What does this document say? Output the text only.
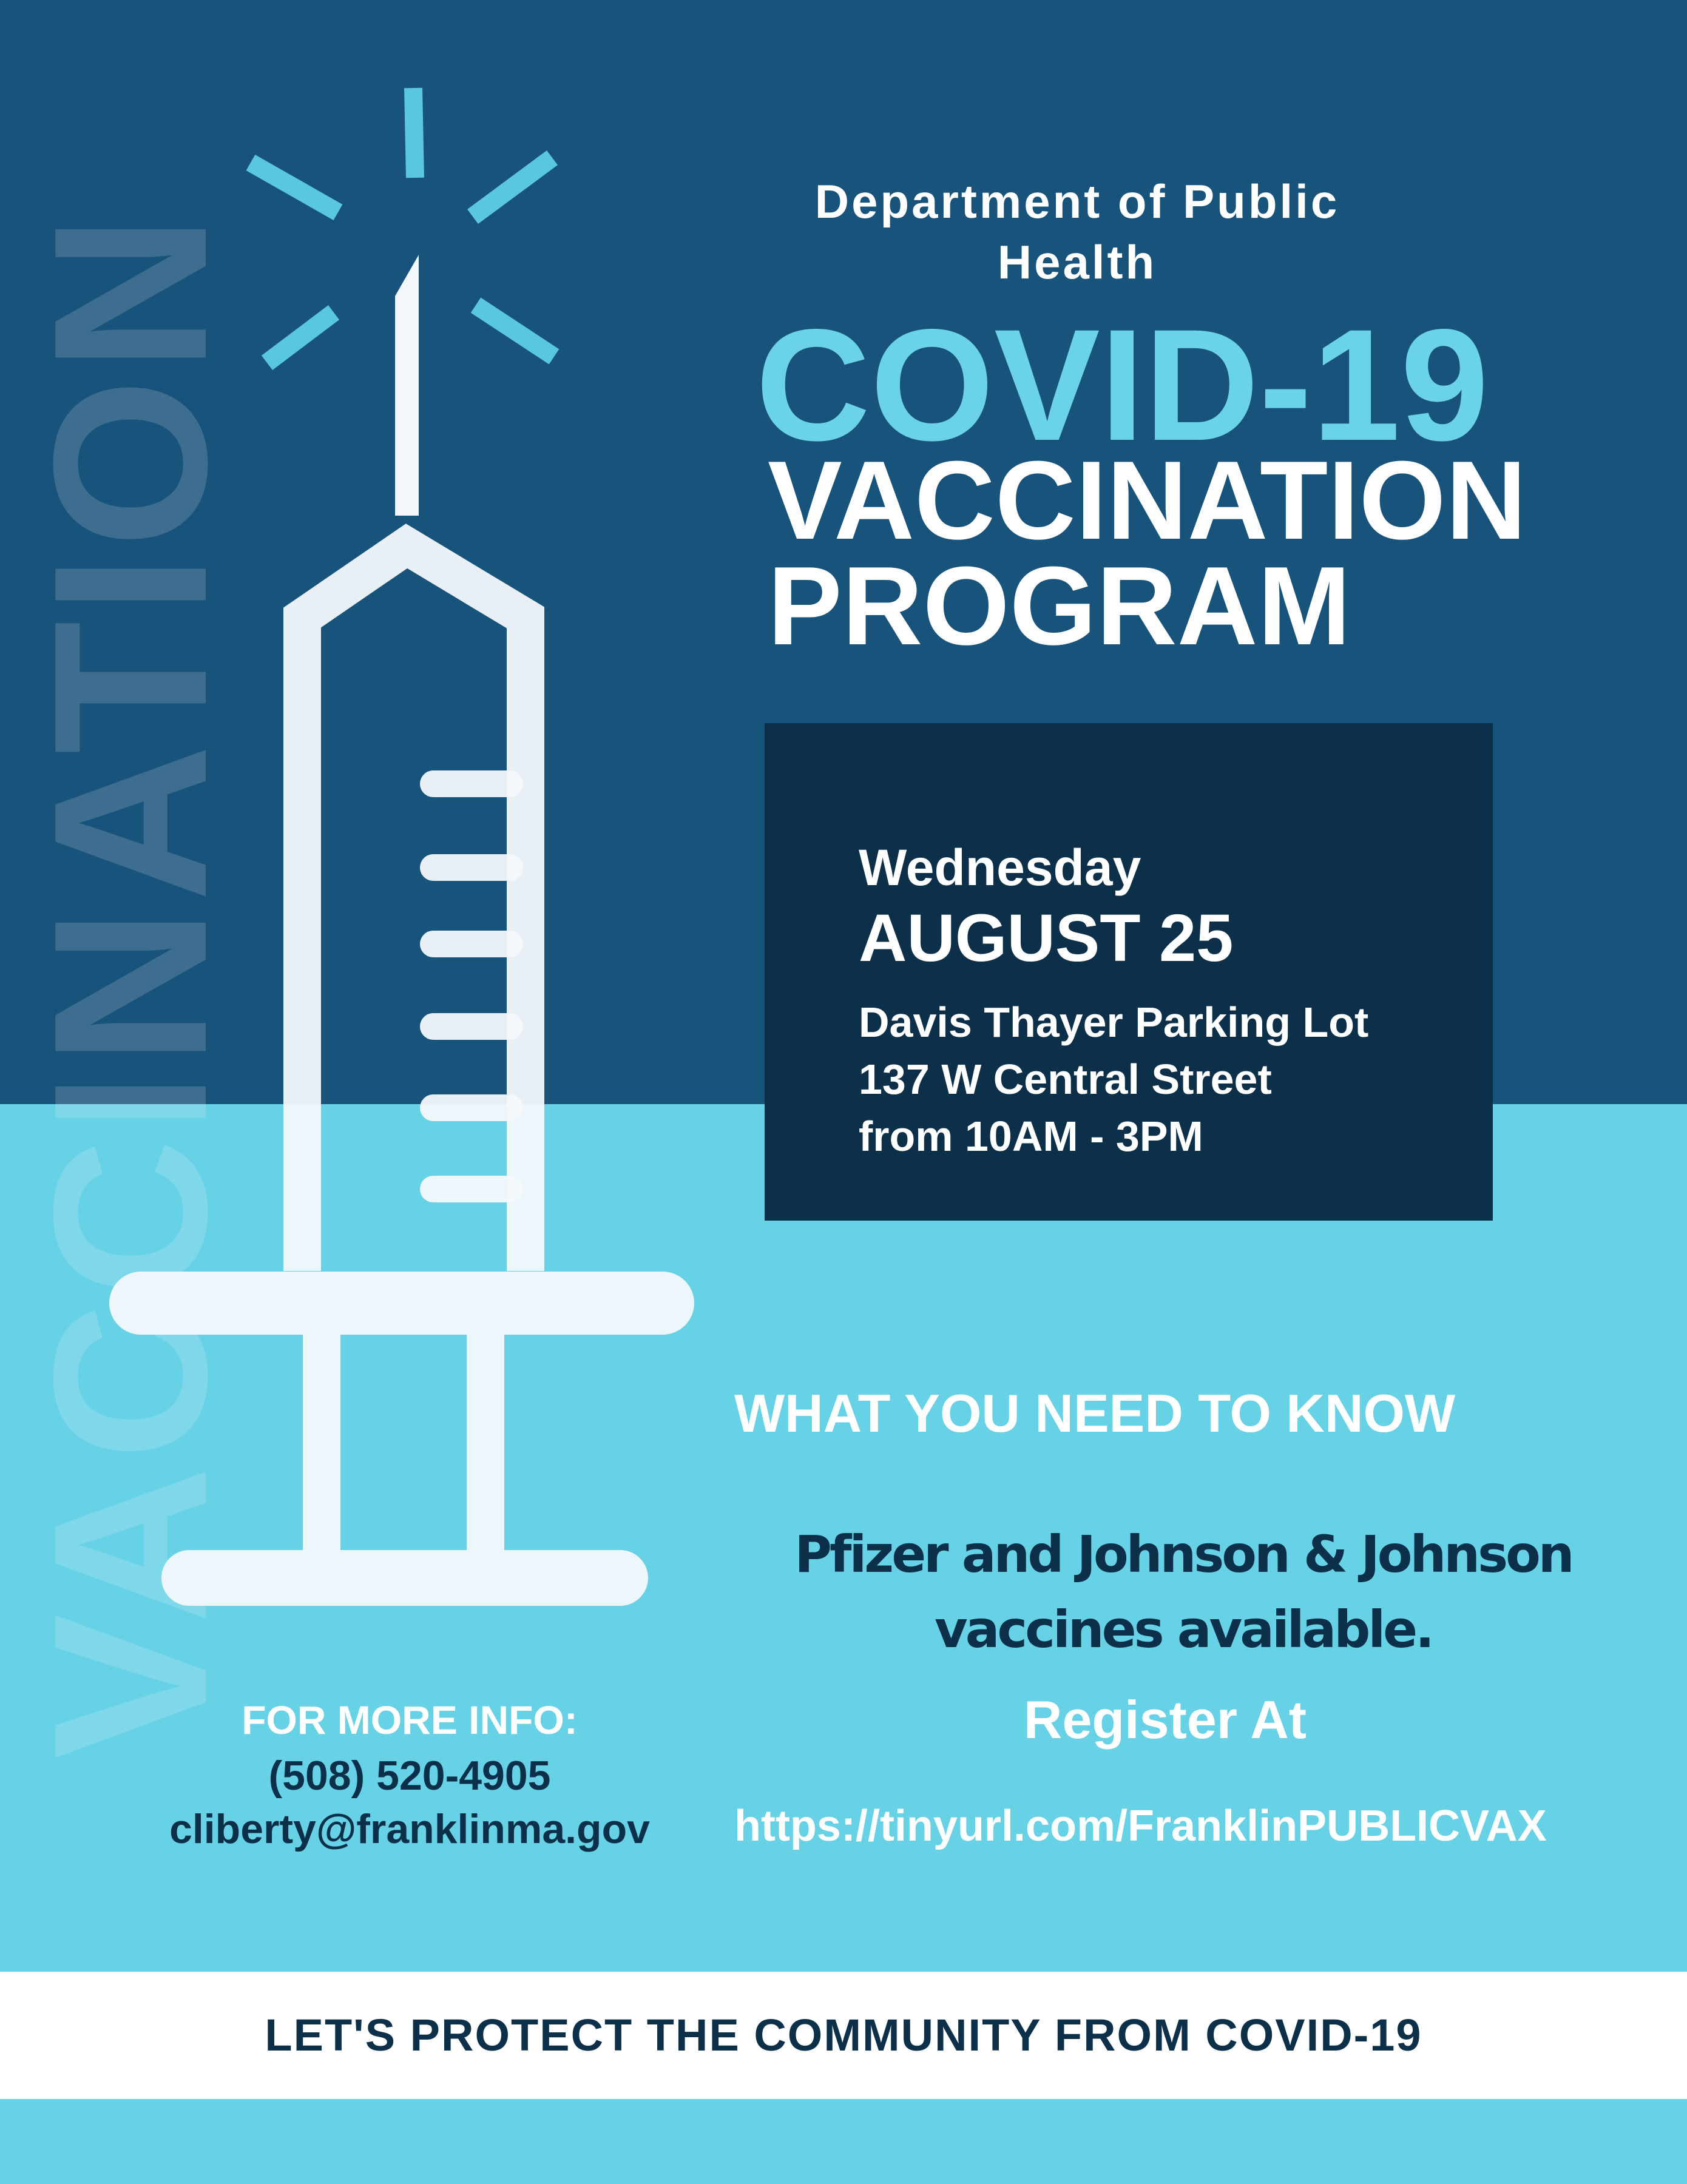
VACCINATION
Department of Public Health
COVID-19
VACCINATION
PROGRAM
Wednesday
AUGUST 25
Davis Thayer Parking Lot
137 W Central Street
from 10AM - 3PM
WHAT YOU NEED TO KNOW
Pfizer and Johnson & Johnson vaccines available.
Register At
https://tinyurl.com/FranklinPUBLICVAX
FOR MORE INFO:
(508) 520-4905
cliberty@franklinma.gov
LET'S PROTECT THE COMMUNITY FROM COVID-19
